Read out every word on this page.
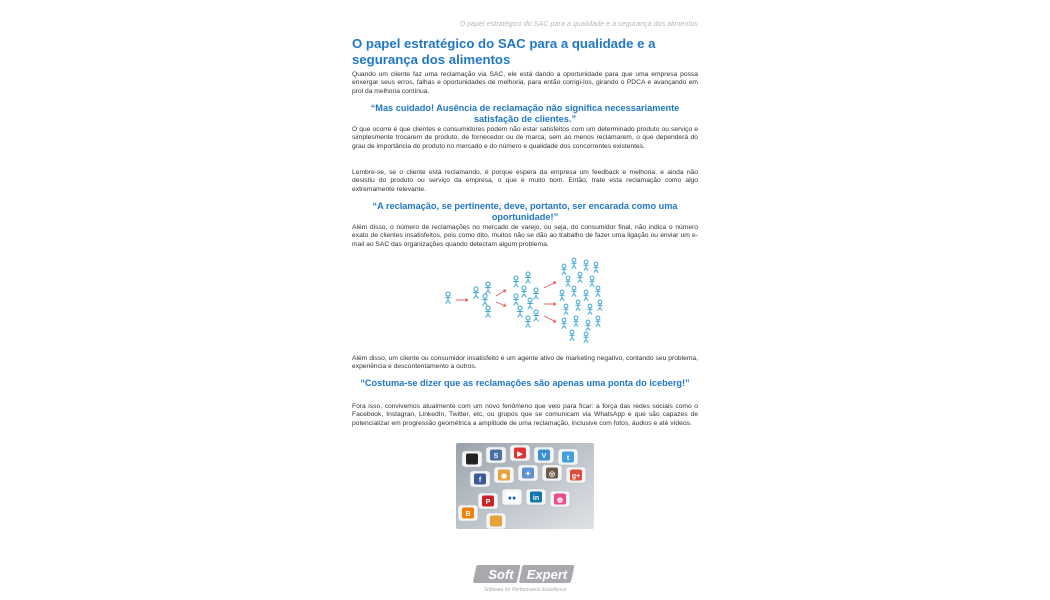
O papel estratégico do SAC para a qualidade e a segurança dos alimentos
O papel estratégico do SAC para a qualidade e a segurança dos alimentos

Quando um cliente faz uma reclamação via SAC, ele está dando a oportunidade para que uma empresa possa enxergar seus erros, falhas e oportunidades de melhoria, para então corrigi-los, girando o PDCA e avançando em prol da melhoria contínua.

“Mas cuidado! Ausência de reclamação não significa necessariamente satisfação de clientes.”

O que ocorre é que clientes e consumidores podem não estar satisfeitos com um determinado produto ou serviço e simplesmente trocarem de produto, de fornecedor ou de marca, sem ao menos reclamarem, o que dependerá do grau de importância do produto no mercado e do número e qualidade dos concorrentes existentes.

Lembre-se, se o cliente está reclamando, é porque espera da empresa um feedback e melhoria, e ainda não desistiu do produto ou serviço da empresa, o que é muito bom. Então, trate esta reclamação como algo extremamente relevante.

“A reclamação, se pertinente, deve, portanto, ser encarada como uma oportunidade!”

Além disso, o número de reclamações no mercado de varejo, ou seja, do consumidor final, não indica o número exato de clientes insatisfeitos, pois como dito, muitos não se dão ao trabalho de fazer uma ligação ou enviar um e-mail ao SAC das organizações quando detectam algum problema.

Além disso, um cliente ou consumidor insatisfeito é um agente ativo de marketing negativo, contando seu problema, experiência e descontentamento a outros.

“Costuma-se dizer que as reclamações são apenas uma ponta do iceberg!”

Fora isso, convivemos atualmente com um novo fenômeno que veio para ficar: a força das redes sociais como o Facebook, Instagran, LinkedIn, Twitter, etc, ou grupos que se comunicam via WhatsApp e que são capazes de potencializar em progressão geométrica a amplitude de uma reclamação, inclusive com fotos, áudios e até vídeos.

S	▶	V	t
f
◉	✦	◎ g+
P
●● in	◍
B
Soft Expert
Software for Performance Excellence
